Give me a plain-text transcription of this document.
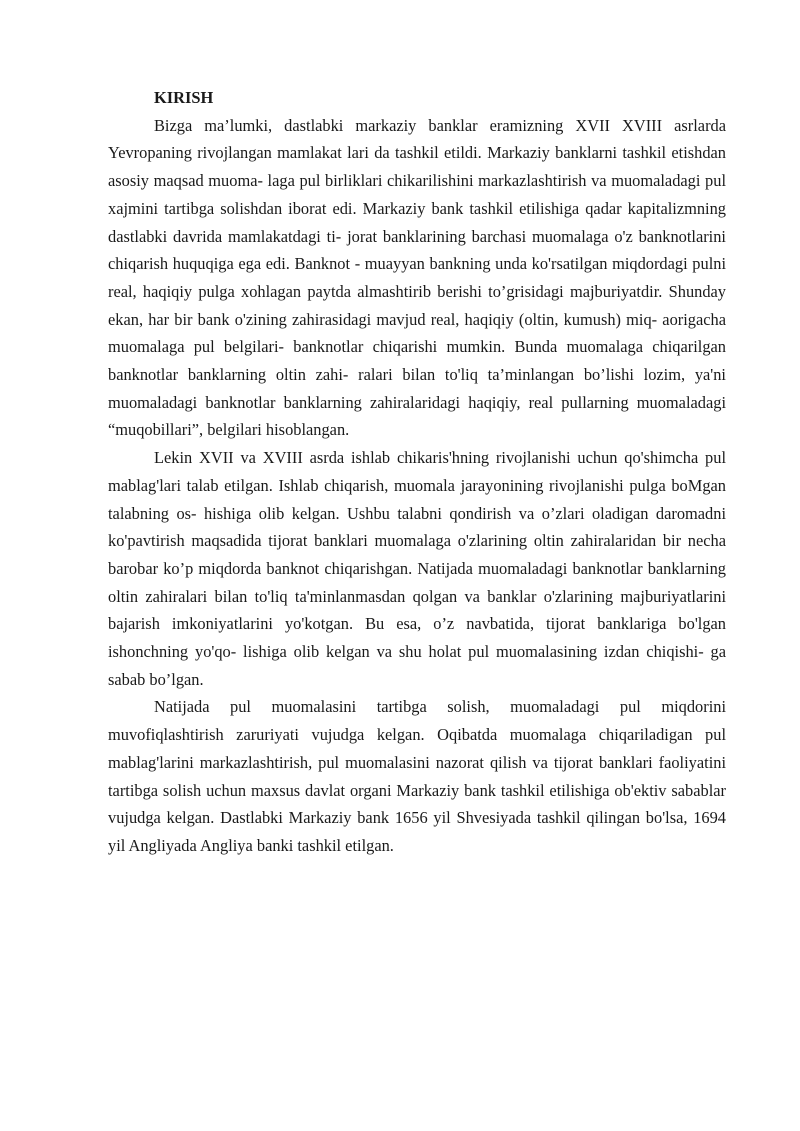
KIRISH

Bizga ma’lumki, dastlabki markaziy banklar eramizning XVII XVIII asrlarda Yevropaning rivojlangan mamlakat lari da tashkil etildi. Markaziy banklarni tashkil etishdan asosiy maqsad muoma- laga pul birliklari chikarilishini markazlashtirish va muomaladagi pul xajmini tartibga solishdan iborat edi. Markaziy bank tashkil etilishiga qadar kapitalizmning dastlabki davrida mamlakatdagi ti- jorat banklarining barchasi muomalaga o'z banknotlarini chiqarish huquqiga ega edi. Banknot - muayyan bankning unda ko'rsatilgan miqdordagi pulni real, haqiqiy pulga xohlagan paytda almashtirib berishi to’grisidagi majburiyatdir. Shunday ekan, har bir bank o'zining zahirasidagi mavjud real, haqiqiy (oltin, kumush) miq- aorigacha muomalaga pul belgilari- banknotlar chiqarishi mumkin. Bunda muomalaga chiqarilgan banknotlar banklarning oltin zahi- ralari bilan to'liq ta’minlangan bo’lishi lozim, ya'ni muomaladagi banknotlar banklarning zahiralaridagi haqiqiy, real pullarning muomaladagi “muqobillari”, belgilari hisoblangan.

Lekin XVII va XVIII asrda ishlab chikaris'hning rivojlanishi uchun qo'shimcha pul mablag'lari talab etilgan. Ishlab chiqarish, muomala jarayonining rivojlanishi pulga boMgan talabning os- hishiga olib kelgan. Ushbu talabni qondirish va o’zlari oladigan daromadni ko'pavtirish maqsadida tijorat banklari muomalaga o'zlarining oltin zahiralaridan bir necha barobar ko’p miqdorda banknot chiqarishgan. Natijada muomaladagi banknotlar banklarning oltin zahiralari bilan to'liq ta'minlanmasdan qolgan va banklar o'zlarining majburiyatlarini bajarish imkoniyatlarini yo'kotgan. Bu esa, o’z navbatida, tijorat banklariga bo'lgan ishonchning yo'qo- lishiga olib kelgan va shu holat pul muomalasining izdan chiqishi- ga sabab bo’lgan.

Natijada pul muomalasini tartibga solish, muomaladagi pul miqdorini muvofiqlashtirish zaruriyati vujudga kelgan. Oqibatda muomalaga chiqariladigan pul mablag'larini markazlashtirish, pul muomalasini nazorat qilish va tijorat banklari faoliyatini tartibga solish uchun maxsus davlat organi Markaziy bank tashkil etilishiga ob'ektiv sabablar vujudga kelgan. Dastlabki Markaziy bank 1656 yil Shvesiyada tashkil qilingan bo'lsa, 1694 yil Angliyada Angliya banki tashkil etilgan.
